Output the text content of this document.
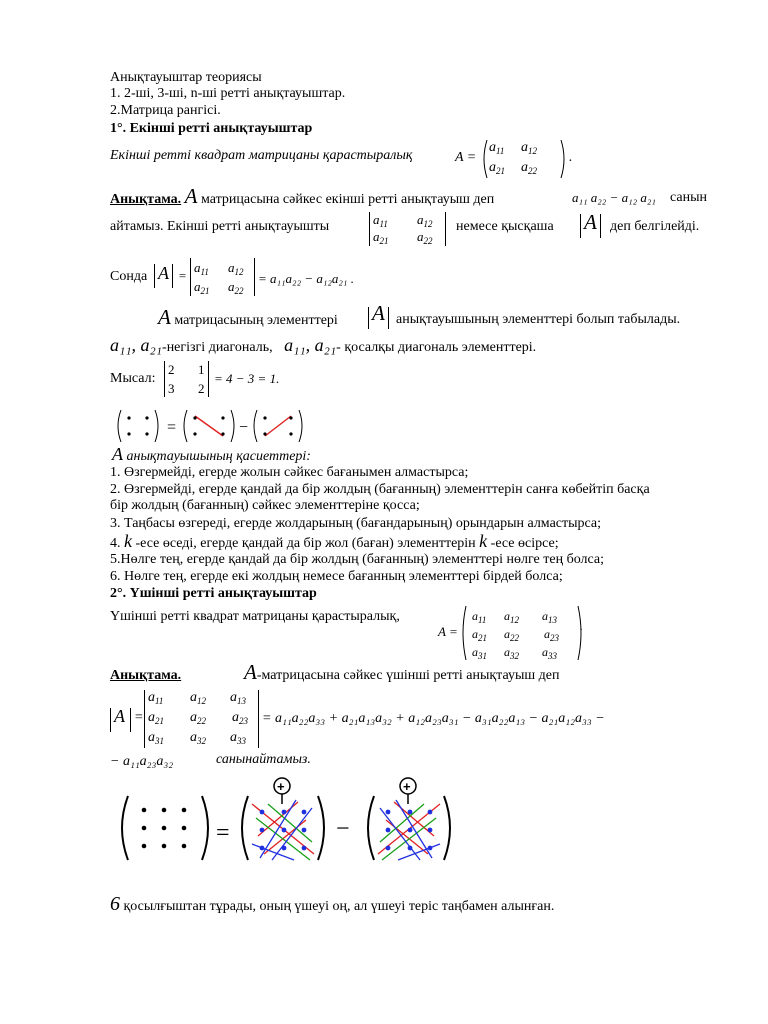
Анықтауыштар теориясы
1. 2-ші, 3-ші, n-ші ретті анықтауыштар.
2.Матрица рангісі.
1°. Екінші ретті анықтауыштар
Екінші ретті квадрат матрицаны қарастыралық	A =
$a_{11}$ $a_{12}$
$a_{21}$ $a_{22}$
.
Анықтама. A матрицасына сәйкес екінші ретті анықтауыш деп	a₁₁ a₂₂ − a₁₂ a₂₁ санын
айтамыз. Екінші ретті анықтауышты	$a_{11}$ $a_{12}$
$a_{21}$ $a_{22}$
немесе қысқаша A деп белгілейді.
Сонда A =
$a_{11}$ $a_{12}$
$a_{21}$ $a_{22}$
= a₁₁a₂₂ − a₁₂a₂₁ .
A матрицасының элементтері A анықтауышының элементтері болып табылады.
a₁₁, a₂₁-негізгі диагональ, a₁₁, a₂₁- қосалқы диагональ элементтері.
Мысал:
2 1
3 2
= 4 − 3 = 1.
=	−
A анықтауышының қасиеттері:
1. Өзгермейді, егерде жолын сәйкес бағанымен алмастырса;
2. Өзгермейді, егерде қандай да бір жолдың (бағанның) элементтерін санға көбейтіп басқа
бір жолдың (бағанның) сәйкес элементтеріне қосса;
3. Таңбасы өзгереді, егерде жолдарының (бағандарының) орындарын алмастырса;
4. k -есе өседі, егерде қандай да бір жол (баған) элементтерін k -есе өсірсе;
5.Нөлге тең, егерде қандай да бір жолдың (бағанның) элементтері нөлге тең болса;
6. Нөлге тең, егерде екі жолдың немесе бағанның элементтері бірдей болса;
2°. Үшінші ретті анықтауыштар
Үшінші ретті квадрат матрицаны қарастыралық,
A =
$a_{11}$ $a_{12}$ $a_{13}$
$a_{21}$ $a_{22}$ $a_{23}$
$a_{31}$ $a_{32}$ $a_{33}$
.
Анықтама.	A-матрицасына сәйкес үшінші ретті анықтауыш деп
A =
$a_{11}$ $a_{12}$ $a_{13}$
$a_{21}$ $a_{22}$ $a_{23}$
$a_{31}$ $a_{32}$ $a_{33}$
= a₁₁a₂₂a₃₃ + a₂₁a₁₃a₃₂ + a₁₂a₂₃a₃₁ − a₃₁a₂₂a₁₃ − a₂₁a₁₂a₃₃ −
− a₁₁a₂₃a₃₂	санынайтамыз.
=
+
−
+
6 қосылғыштан тұрады, оның үшеуі оң, ал үшеуі теріс таңбамен алынған.
